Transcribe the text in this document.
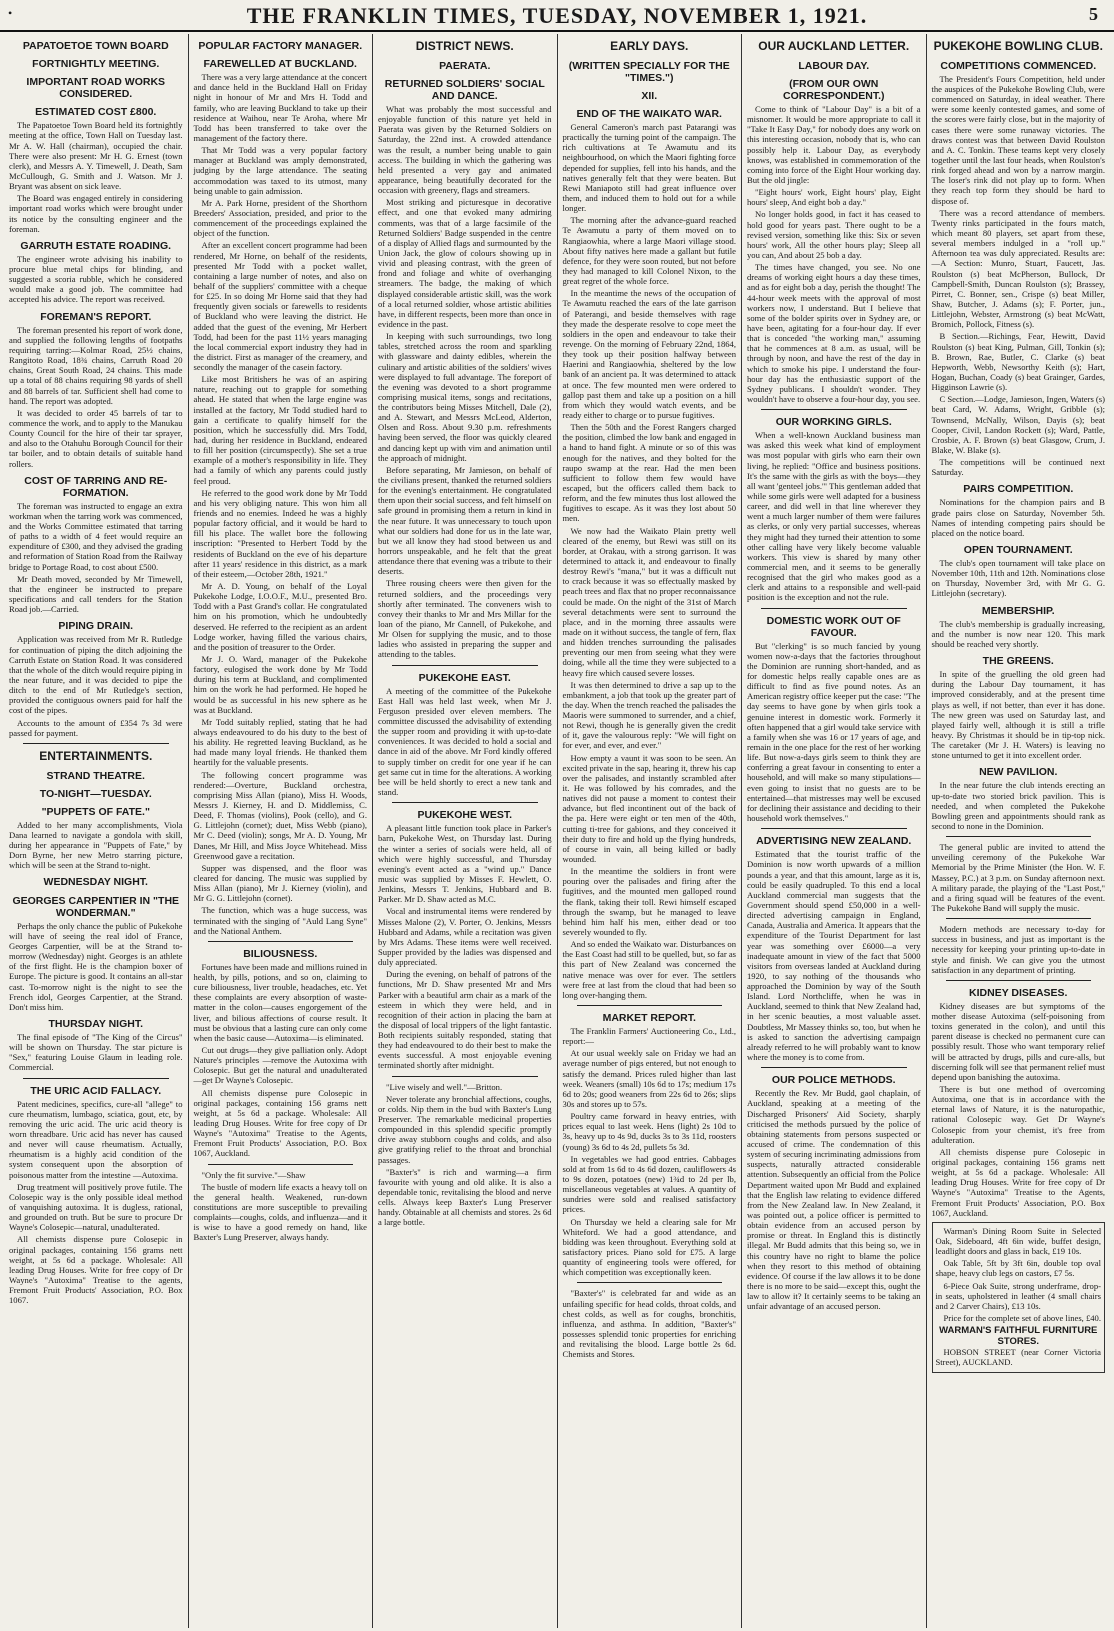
•	THE FRANKLIN TIMES, TUESDAY, NOVEMBER 1, 1921.	5
PAPATOETOE TOWN BOARD
FORTNIGHTLY MEETING.
IMPORTANT ROAD WORKS CONSIDERED.
ESTIMATED COST £800.

The Papatoetoe Town Board held its fortnightly meeting at the office, Town Hall on Tuesday last. Mr A. W. Hall (chairman), occupied the chair. There were also present: Mr H. G. Ernest (town clerk), and Messrs A. Y. Timewell, J. Death, Sam McCullough, G. Smith and J. Watson. Mr J. Bryant was absent on sick leave.

The Board was engaged entirely in considering important road works which were brought under its notice by the consulting engineer and the foreman.

GARRUTH ESTATE ROADING.

The engineer wrote advising his inability to procure blue metal chips for blinding, and suggested a scoria rubble, which he considered would make a good job. The committee had accepted his advice. The report was received.

FOREMAN'S REPORT.

The foreman presented his report of work done, and supplied the following lengths of footpaths requiring tarring:—Kolmar Road, 25½ chains, Rangitoto Road, 18¾ chains, Carruth Road 20 chains, Great South Road, 24 chains. This made up a total of 88 chains requiring 98 yards of shell and 88 barrels of tar. Sufficient shell had come to hand. The report was adopted.

It was decided to order 45 barrels of tar to commence the work, and to apply to the Manukau County Council for the hire of their tar sprayer, and also to the Otahuhu Borough Council for their tar boiler, and to obtain details of suitable hand rollers.

COST OF TARRING AND RE-FORMATION.

The foreman was instructed to engage an extra workman when the tarring work was commenced, and the Works Committee estimated that tarring of paths to a width of 4 feet would require an expenditure of £300, and they advised the grading and reformation of Station Road from the Railway bridge to Portage Road, to cost about £500.

Mr Death moved, seconded by Mr Timewell, that the engineer be instructed to prepare specifications and call tenders for the Station Road job.—Carried.

PIPING DRAIN.

Application was received from Mr R. Rutledge for continuation of piping the ditch adjoining the Carruth Estate on Station Road. It was considered that the whole of the ditch would require piping in the near future, and it was decided to pipe the ditch to the end of Mr Rutledge's section, provided the contiguous owners paid for half the cost of the pipes.

Accounts to the amount of £354 7s 3d were passed for payment.

ENTERTAINMENTS.
STRAND THEATRE.
TO-NIGHT—TUESDAY.
"PUPPETS OF FATE."

Added to her many accomplishments, Viola Dana learned to navigate a gondola with skill, during her appearance in "Puppets of Fate," by Dorn Byrne, her new Metro starring picture, which will be seen at the Strand to-night.

WEDNESDAY NIGHT.
GEORGES CARPENTIER IN "THE WONDERMAN."

Perhaps the only chance the public of Pukekohe will have of seeing the real idol of France, Georges Carpentier, will be at the Strand to-morrow (Wednesday) night. Georges is an athlete of the first flight. He is the champion boxer of Europe. The picture is good. It contains an all-star cast. To-morrow night is the night to see the French idol, Georges Carpentier, at the Strand. Don't miss him.

THURSDAY NIGHT.

The final episode of "The King of the Circus" will be shown on Thursday. The star picture is "Sex," featuring Louise Glaum in leading role. Commercial.

THE URIC ACID FALLACY.

Patent medicines, specifics, cure-all "allege" to cure rheumatism, lumbago, sciatica, gout, etc, by removing the uric acid. The uric acid theory is worn threadbare. Uric acid has never has caused and never will cause rheumatism. Actually, rheumatism is a highly acid condition of the system consequent upon the absorption of poisonous matter from the intestine —Autoxima.

Drug treatment will positively prove futile. The Colosepic way is the only possible ideal method of vanquishing autoxima. It is dugless, rational, and grounded on truth. But be sure to procure Dr Wayne's Colosepic—natural, unadulterated.

All chemists dispense pure Colosepic in original packages, containing 156 grams nett weight, at 5s 6d a package. Wholesale: All leading Drug Houses. Write for free copy of Dr Wayne's "Autoxima" Treatise to the agents, Fremont Fruit Products' Association, P.O. Box 1067.

POPULAR FACTORY MANAGER.
FAREWELLED AT BUCKLAND.

There was a very large attendance at the concert and dance held in the Buckland Hall on Friday night in honour of Mr and Mrs H. Todd and family, who are leaving Buckland to take up their residence at Waihou, near Te Aroha, where Mr Todd has been transferred to take over the management of the factory there.

That Mr Todd was a very popular factory manager at Buckland was amply demonstrated, judging by the large attendance. The seating accommodation was taxed to its utmost, many being unable to gain admission.

Mr A. Park Horne, president of the Shorthorn Breeders' Association, presided, and prior to the commencement of the proceedings explained the object of the function.

After an excellent concert programme had been rendered, Mr Horne, on behalf of the residents, presented Mr Todd with a pocket wallet, containing a large number of notes, and also on behalf of the suppliers' committee with a cheque for £25. In so doing Mr Horne said that they had frequently given socials or farewells to residents of Buckland who were leaving the district. He added that the guest of the evening, Mr Herbert Todd, had been for the past 11½ years managing the local commercial export industry they had in the district. First as manager of the creamery, and secondly the manager of the casein factory.

Like most Britishers he was of an aspiring nature, reaching out to grapple for something ahead. He stated that when the large engine was installed at the factory, Mr Todd studied hard to gain a certificate to qualify himself for the position, which he successfully did. Mrs Todd, had, during her residence in Buckland, endeared to fill her position (circumspectly). She set a true example of a mother's responsibility in life. They had a family of which any parents could justly feel proud.

He referred to the good work done by Mr Todd and his very obliging nature. This won him all friends and no enemies. Indeed he was a highly popular factory official, and it would be hard to fill his place. The wallet bore the following inscription: "Presented to Herbert Todd by the residents of Buckland on the eve of his departure after 11 years' residence in this district, as a mark of their esteem,—October 28th, 1921."

Mr A. D. Young, on behalf of the Loyal Pukekohe Lodge, I.O.O.F., M.U., presented Bro. Todd with a Past Grand's collar. He congratulated him on his promotion, which he undoubtedly deserved. He referred to the recipient as an ardent Lodge worker, having filled the various chairs, and the position of treasurer to the Order.

Mr J. O. Ward, manager of the Pukekohe factory, eulogised the work done by Mr Todd during his term at Buckland, and complimented him on the work he had performed. He hoped he would be as successful in his new sphere as he was at Buckland.

Mr Todd suitably replied, stating that he had always endeavoured to do his duty to the best of his ability. He regretted leaving Buckland, as he had made many loyal friends. He thanked them heartily for the valuable presents.

The following concert programme was rendered:—Overture, Buckland orchestra, comprising Miss Allan (piano), Miss H. Woods, Messrs J. Kierney, H. and D. Middlemiss, C. Deed, F. Thomas (violins), Pook (cello), and G. G. Littlejohn (cornet); duet, Miss Webb (piano), Mr C. Deed (violin); songs, Mr A. D. Young, Mr Danes, Mr Hill, and Miss Joyce Whitehead. Miss Greenwood gave a recitation.

Supper was dispensed, and the floor was cleared for dancing. The music was supplied by Miss Allan (piano), Mr J. Kierney (violin), and Mr G. G. Littlejohn (cornet).

The function, which was a huge success, was terminated with the singing of "Auld Lang Syne" and the National Anthem.

BILIOUSNESS.

Fortunes have been made and millions ruined in health, by pills, potions, and so on, claiming to cure biliousness, liver trouble, headaches, etc. Yet these complaints are every absorption of waste-matter in the colon—causes engorgement of the liver, and bilious affections of course result. It must be obvious that a lasting cure can only come when the basic cause—Autoxima—is eliminated.

Cut out drugs—they give palliation only. Adopt Nature's principles —remove the Autoxima with Colosepic. But get the natural and unadulterated—get Dr Wayne's Colosepic.

All chemists dispense pure Colosepic in original packages, containing 156 grams nett weight, at 5s 6d a package. Wholesale: All leading Drug Houses. Write for free copy of Dr Wayne's "Autoxima" Treatise to the Agents, Fremont Fruit Products' Association, P.O. Box 1067, Auckland.

"Only the fit survive."—Shaw

The bustle of modern life exacts a heavy toll on the general health. Weakened, run-down constitutions are more susceptible to prevailing complaints—coughs, colds, and influenza—and it is wise to have a good remedy on hand, like Baxter's Lung Preserver, always handy.

DISTRICT NEWS.
PAERATA.
RETURNED SOLDIERS' SOCIAL AND DANCE.

What was probably the most successful and enjoyable function of this nature yet held in Paerata was given by the Returned Soldiers on Saturday, the 22nd inst. A crowded attendance was the result, a number being unable to gain access. The building in which the gathering was held presented a very gay and animated appearance, being beautifully decorated for the occasion with greenery, flags and streamers.

Most striking and picturesque in decorative effect, and one that evoked many admiring comments, was that of a large facsimile of the Returned Soldiers' Badge suspended in the centre of a display of Allied flags and surmounted by the Union Jack, the glow of colours showing up in vivid and pleasing contrast, with the green of frond and foliage and white of overhanging streamers. The badge, the making of which displayed considerable artistic skill, was the work of a local returned soldier, whose artistic abilities have, in different respects, been more than once in evidence in the past.

In keeping with such surroundings, two long tables, stretched across the room and sparkling with glassware and dainty edibles, wherein the culinary and artistic abilities of the soldiers' wives were displayed to full advantage. The foreport of the evening was devoted to a short programme comprising musical items, songs and recitations, the contributors being Misses Mitchell, Dale (2), and A. Stewart, and Messrs McLeod, Alderton, Olsen and Ross. About 9.30 p.m. refreshments having been served, the floor was quickly cleared and dancing kept up with vim and animation until the approach of midnight.

Before separating, Mr Jamieson, on behalf of the civilians present, thanked the returned soldiers for the evening's entertainment. He congratulated them upon their social success, and felt himself on safe ground in promising them a return in kind in the near future. It was unnecessary to touch upon what our soldiers had done for us in the late war, but we all know they had stood between us and horrors unspeakable, and he felt that the great attendance there that evening was a tribute to their deserts.

Three rousing cheers were then given for the returned soldiers, and the proceedings very shortly after terminated. The conveners wish to convey their thanks to Mr and Mrs Millar for the loan of the piano, Mr Cannell, of Pukekohe, and Mr Olsen for supplying the music, and to those ladies who assisted in preparing the supper and attending to the tables.

PUKEKOHE EAST.

A meeting of the committee of the Pukekohe East Hall was held last week, when Mr J. Ferguson presided over eleven members. The committee discussed the advisability of extending the supper room and providing it with up-to-date conveniences. It was decided to hold a social and dance in aid of the above. Mr Ford kindly offered to supply timber on credit for one year if he can get same cut in time for the alterations. A working bee will be held shortly to erect a new tank and stand.

PUKEKOHE WEST.

A pleasant little function took place in Parker's barn, Pukekohe West, on Thursday last. During the winter a series of socials were held, all of which were highly successful, and Thursday evening's event acted as a "wind up." Dance music was supplied by Misses F. Hewlett, O. Jenkins, Messrs T. Jenkins, Hubbard and B. Parker. Mr D. Shaw acted as M.C.

Vocal and instrumental items were rendered by Misses Malone (2), V. Porter, O. Jenkins, Messrs Hubbard and Adams, while a recitation was given by Mrs Adams. These items were well received. Supper provided by the ladies was dispensed and duly appreciated.

During the evening, on behalf of patrons of the functions, Mr D. Shaw presented Mr and Mrs Parker with a beautiful arm chair as a mark of the esteem in which they were held, and in recognition of their action in placing the barn at the disposal of local trippers of the light fantastic. Both recipients suitably responded, stating that they had endeavoured to do their best to make the events successful. A most enjoyable evening terminated shortly after midnight.

"Live wisely and well."—Britton.

Never tolerate any bronchial affections, coughs, or colds. Nip them in the bud with Baxter's Lung Preserver. The remarkable medicinal properties compounded in this splendid specific promptly drive away stubborn coughs and colds, and also give gratifying relief to the throat and bronchial passages.

"Baxter's" is rich and warming—a firm favourite with young and old alike. It is also a dependable tonic, revitalising the blood and nerve cells. Always keep Baxter's Lung Preserver handy. Obtainable at all chemists and stores. 2s 6d a large bottle.

EARLY DAYS.
(WRITTEN SPECIALLY FOR THE "TIMES.")
XII.
END OF THE WAIKATO WAR.

General Cameron's march past Patarangi was practically the turning point of the campaign. The rich cultivations at Te Awamutu and its neighbourhood, on which the Maori fighting force depended for supplies, fell into his hands, and the natives generally felt that they were beaten. But Rewi Maniapoto still had great influence over them, and induced them to hold out for a while longer.

The morning after the advance-guard reached Te Awamutu a party of them moved on to Rangiaowhia, where a large Maori village stood. About fifty natives here made a gallant but futile defence, for they were soon routed, but not before they had managed to kill Colonel Nixon, to the great regret of the whole force.

In the meantime the news of the occupation of Te Awamutu reached the ears of the late garrison of Paterangi, and beside themselves with rage they made the desperate resolve to cope meet the soldiers in the open and endeavour to take their revenge. On the morning of February 22nd, 1864, they took up their position halfway between Haerini and Rangiaowhia, sheltered by the low bank of an ancient pa. It was determined to attack at once. The few mounted men were ordered to gallop past them and take up a position on a hill from which they would watch events, and be ready either to charge or to pursue fugitives.

Then the 50th and the Forest Rangers charged the position, climbed the low bank and engaged in a hand to hand fight. A minute or so of this was enough for the natives, and they bolted for the raupo swamp at the rear. Had the men been sufficient to follow them few would have escaped, but the officers called them back to reform, and the few minutes thus lost allowed the fugitives to escape. As it was they lost about 50 men.

We now had the Waikato Plain pretty well cleared of the enemy, but Rewi was still on its border, at Orakau, with a strong garrison. It was determined to attack it, and endeavour to finally destroy Rewi's "mana," but it was a difficult nut to crack because it was so effectually masked by peach trees and flax that no proper reconnaissance could be made. On the night of the 31st of March several detachments were sent to surround the place, and in the morning three assaults were made on it without success, the tangle of fern, flax and hidden trenches surrounding the palisades preventing our men from seeing what they were doing, while all the time they were subjected to a heavy fire which caused severe losses.

It was then determined to drive a sap up to the embankment, a job that took up the greater part of the day. When the trench reached the palisades the Maoris were summoned to surrender, and a chief, not Rewi, though he is generally given the credit of it, gave the valourous reply: "We will fight on for ever, and ever, and ever."

How empty a vaunt it was soon to be seen. An excited private in the sap, hearing it, threw his cap over the palisades, and instantly scrambled after it. He was followed by his comrades, and the natives did not pause a moment to contest their advance, but fled incontinent out of the back of the pa. Here were eight or ten men of the 40th, cutting ti-tree for gabions, and they conceived it their duty to fire and hold up the flying hundreds, of course in vain, all being killed or badly wounded.

In the meantime the soldiers in front were pouring over the palisades and firing after the fugitives, and the mounted men galloped round the flank, taking their toll. Rewi himself escaped through the swamp, but he managed to leave behind him half his men, either dead or too severely wounded to fly.

And so ended the Waikato war. Disturbances on the East Coast had still to be quelled, but, so far as this part of New Zealand was concerned the native menace was over for ever. The settlers were free at last from the cloud that had been so long over-hanging them.

MARKET REPORT.

The Franklin Farmers' Auctioneering Co., Ltd., report:—

At our usual weekly sale on Friday we had an average number of pigs entered, but not enough to satisfy the demand. Prices ruled higher than last week. Weaners (small) 10s 6d to 17s; medium 17s 6d to 20s; good weaners from 22s 6d to 26s; slips 30s and stores up to 57s.

Poultry came forward in heavy entries, with prices equal to last week. Hens (light) 2s 10d to 3s, heavy up to 4s 9d, ducks 3s to 3s 11d, roosters (young) 3s 6d to 4s 2d, pullets 5s 3d.

In vegetables we had good entries. Cabbages sold at from 1s 6d to 4s 6d dozen, cauliflowers 4s to 9s dozen, potatoes (new) 1¾d to 2d per lb, miscellaneous vegetables at values. A quantity of sundries were sold and realised satisfactory prices.

On Thursday we held a clearing sale for Mr Whiteford. We had a good attendance, and bidding was keen throughout. Everything sold at satisfactory prices. Piano sold for £75. A large quantity of engineering tools were offered, for which competition was exceptionally keen.

"Baxter's" is celebrated far and wide as an unfailing specific for head colds, throat colds, and chest colds, as well as for coughs, bronchitis, influenza, and asthma. In addition, "Baxter's" possesses splendid tonic properties for enriching and revitalising the blood. Large bottle 2s 6d. Chemists and Stores.

OUR AUCKLAND LETTER.
LABOUR DAY.
(FROM OUR OWN CORRESPONDENT.)

Come to think of "Labour Day" is a bit of a misnomer. It would be more appropriate to call it "Take It Easy Day," for nobody does any work on this interesting occasion, nobody that is, who can possibly help it. Labour Day, as everybody knows, was established in commemoration of the coming into force of the Eight Hour working day. But the old jingle:

"Eight hours' work, Eight hours' play, Eight hours' sleep, And eight bob a day."

No longer holds good, in fact it has ceased to hold good for years past. There ought to be a revised version, something like this: Six or seven hours' work, All the other hours play; Sleep all you can, And about 25 bob a day.

The times have changed, you see. No one dreams of working eight hours a day these times, and as for eight bob a day, perish the thought! The 44-hour week meets with the approval of most workers now, I understand. But I believe that some of the bolder spirits over in Sydney are, or have been, agitating for a four-hour day. If ever that is conceded "the working man," assuming that he commences at 8 a.m. as usual, will be through by noon, and have the rest of the day in which to smoke his pipe. I understand the four-hour day has the enthusiastic support of the Sydney publicans. I shouldn't wonder. They wouldn't have to observe a four-hour day, you see.

OUR WORKING GIRLS.

When a well-known Auckland business man was asked this week what kind of employment was most popular with girls who earn their own living, he replied: "Office and business positions. It's the same with the girls as with the boys—they all want 'genteel jobs.'" This gentleman added that while some girls were well adapted for a business career, and did well in that line wherever they went a much larger number of them were failures as clerks, or only very partial successes, whereas they might had they turned their attention to some other calling have very likely become valuable workers. This view is shared by many other commercial men, and it seems to be generally recognised that the girl who makes good as a clerk and attains to a responsible and well-paid position is the exception and not the rule.

DOMESTIC WORK OUT OF FAVOUR.

But "clerking" is so much fancied by young women now-a-days that the factories throughout the Dominion are running short-handed, and as for domestic helps really capable ones are as difficult to find as five pound notes. As an American registry office keeper put the case: "The day seems to have gone by when girls took a genuine interest in domestic work. Formerly it often happened that a girl would take service with a family when she was 16 or 17 years of age, and remain in the one place for the rest of her working life. But now-a-days girls seem to think they are conferring a great favour in consenting to enter a household, and will make so many stipulations—even going to insist that no guests are to be entertained—that mistresses may well be excused for declining their assistance and deciding to their household work themselves."

ADVERTISING NEW ZEALAND.

Estimated that the tourist traffic of the Dominion is now worth upwards of a million pounds a year, and that this amount, large as it is, could be easily quadrupled. To this end a local Auckland commercial man suggests that the Government should spend £50,000 in a well-directed advertising campaign in England, Canada, Australia and America. It appears that the expenditure of the Tourist Department for last year was something over £6000—a very inadequate amount in view of the fact that 5000 visitors from overseas landed at Auckland during 1920, to say nothing of the thousands who approached the Dominion by way of the South Island. Lord Northcliffe, when he was in Auckland, seemed to think that New Zealand had, in her scenic beauties, a most valuable asset. Doubtless, Mr Massey thinks so, too, but when he is asked to sanction the advertising campaign already referred to he will probably want to know where the money is to come from.

OUR POLICE METHODS.

Recently the Rev. Mr Budd, gaol chaplain, of Auckland, speaking at a meeting of the Discharged Prisoners' Aid Society, sharply criticised the methods pursued by the police of obtaining statements from persons suspected or accused of crime. The condemnation of this system of securing incriminating admissions from suspects, naturally attracted considerable attention. Subsequently an official from the Police Department waited upon Mr Budd and explained that the English law relating to evidence differed from the New Zealand law. In New Zealand, it was pointed out, a police officer is permitted to obtain evidence from an accused person by promise or threat. In England this is distinctly illegal. Mr Budd admits that this being so, we in this country have no right to blame the police when they resort to this method of obtaining evidence. Of course if the law allows it to be done there is no more to be said—except this, ought the law to allow it? It certainly seems to be taking an unfair advantage of an accused person.

PUKEKOHE BOWLING CLUB.
COMPETITIONS COMMENCED.

The President's Fours Competition, held under the auspices of the Pukekohe Bowling Club, were commenced on Saturday, in ideal weather. There were some keenly contested games, and some of the scores were fairly close, but in the majority of cases there were some runaway victories. The draws contest was that between David Roulston and A. C. Tonkin. These teams kept very closely together until the last four heads, when Roulston's rink forged ahead and won by a narrow margin. The loser's rink did not play up to form. When they reach top form they should be hard to dispose of.

There was a record attendance of members. Twenty rinks participated in the fours match, which meant 80 players, set apart from these, several members indulged in a "roll up." Afternoon tea was duly appreciated. Results are:—A Section: Munro, Stuart, Faucett, Jas. Roulston (s) beat McPherson, Bullock, Dr Campbell-Smith, Duncan Roulston (s); Brassey, Pirret, C. Bonner, sen., Crispe (s) beat Miller, Shaw, Butcher, J. Adams (s); F. Porter, jun., Littlejohn, Webster, Armstrong (s) beat McWatt, Bromich, Pollock, Fitness (s).

B Section.—Richings, Fear, Hewitt, David Roulston (s) beat King, Pulman, Gill, Tonkin (s); B. Brown, Rae, Butler, C. Clarke (s) beat Hepworth, Webb, Newsorthy Keith (s); Hart, Hogan, Buchan, Coady (s) beat Grainger, Gardes, Higginson Lawrie (s).

C Section.—Lodge, Jamieson, Ingen, Waters (s) beat Card, W. Adams, Wright, Gribble (s); Townsend, McNally, Wilson, Dayis (s); beat Cooper, Civil, Landon Rockett (s); Ward, Pattle, Crosbie, A. F. Brown (s) beat Glasgow, Crum, J. Blake, W. Blake (s).

The competitions will be continued next Saturday.

PAIRS COMPETITION.

Nominations for the champion pairs and B grade pairs close on Saturday, November 5th. Names of intending competing pairs should be placed on the notice board.

OPEN TOURNAMENT.

The club's open tournament will take place on November 10th, 11th and 12th. Nominations close on Thursday, November 3rd, with Mr G. G. Littlejohn (secretary).

MEMBERSHIP.

The club's membership is gradually increasing, and the number is now near 120. This mark should be reached very shortly.

THE GREENS.

In spite of the gruelling the old green had during the Labour Day tournament, it has improved considerably, and at the present time plays as well, if not better, than ever it has done. The new green was used on Saturday last, and played fairly well, although it is still a trifle heavy. By Christmas it should be in tip-top nick. The caretaker (Mr J. H. Waters) is leaving no stone unturned to get it into excellent order.

NEW PAVILION.

In the near future the club intends erecting an up-to-date two storied brick pavilion. This is needed, and when completed the Pukekohe Bowling green and appointments should rank as second to none in the Dominion.

The general public are invited to attend the unveiling ceremony of the Pukekohe War Memorial by the Prime Minister (the Hon. W. F. Massey, P.C.) at 3 p.m. on Sunday afternoon next. A military parade, the playing of the "Last Post," and a firing squad will be features of the event. The Pukekohe Band will supply the music.

Modern methods are necessary to-day for success in business, and just as important is the necessity for keeping your printing up-to-date in style and finish. We can give you the utmost satisfaction in any department of printing.

KIDNEY DISEASES.

Kidney diseases are but symptoms of the mother disease Autoxima (self-poisoning from toxins generated in the colon), and until this parent disease is checked no permanent cure can possibly result. Those who want temporary relief will be attracted by drugs, pills and cure-alls, but discerning folk will see that permanent relief must depend upon banishing the autoxima.

There is but one method of overcoming Autoxima, one that is in accordance with the eternal laws of Nature, it is the naturopathic, rational Colosepic way. Get Dr Wayne's Colosepic from your chemist, it's free from adulteration.

All chemists dispense pure Colosepic in original packages, containing 156 grams nett weight, at 5s 6d a package. Wholesale: All leading Drug Houses. Write for free copy of Dr Wayne's "Autoxima" Treatise to the Agents, Fremont Fruit Products' Association, P.O. Box 1067, Auckland.

Warman's Dining Room Suite in Selected Oak, Sideboard, 4ft 6in wide, buffet design, leadlight doors and glass in back, £19 10s.

Oak Table, 5ft by 3ft 6in, double top oval shape, heavy club legs on castors, £7 5s.

6-Piece Oak Suite, strong underframe, drop-in seats, upholstered in leather (4 small chairs and 2 Carver Chairs), £13 10s.

Price for the complete set of above lines, £40.

WARMAN'S FAITHFUL FURNITURE STORES.

HOBSON STREET (near Corner Victoria Street), AUCKLAND.
